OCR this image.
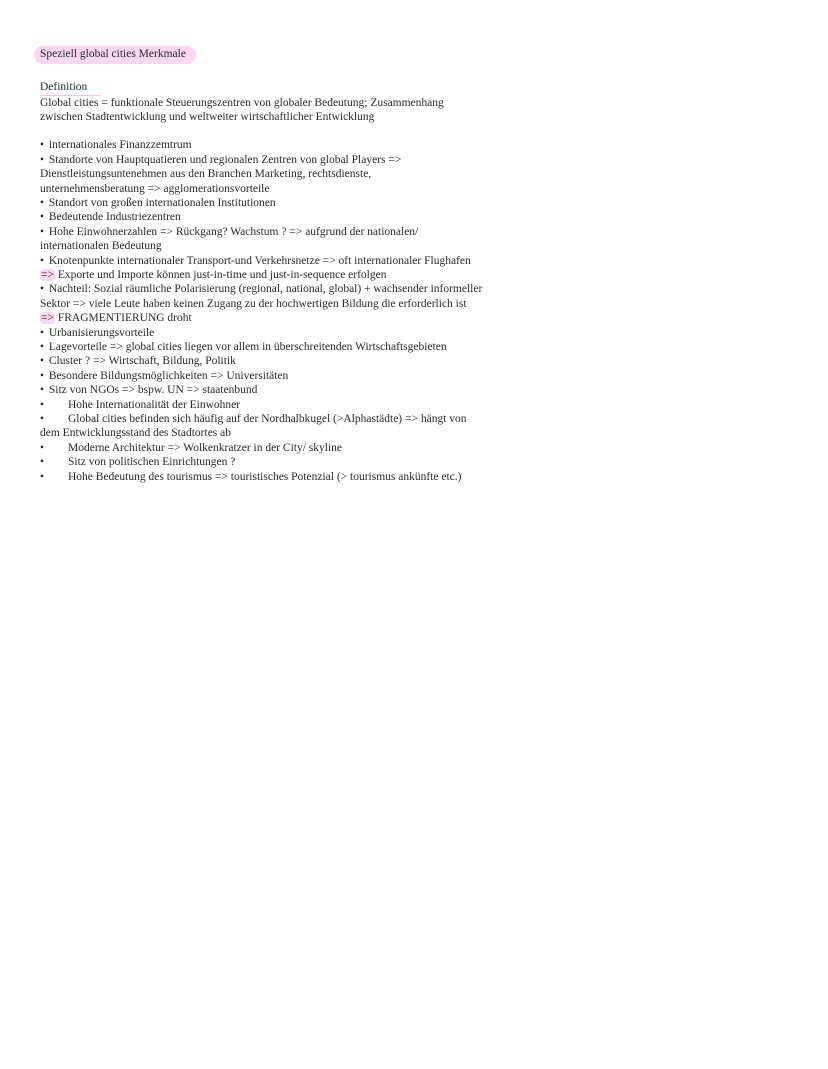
Speziell global cities Merkmale
Definition

Global cities = funktionale Steuerungszentren von globaler Bedeutung; Zusammenhang

zwischen Stadtentwicklung und weltweiter wirtschaftlicher Entwicklung

• internationales Finanzzemtrum
• Standorte von Hauptquatieren und regionalen Zentren von global Players =>
Dienstleistungsuntenehmen aus den Branchen Marketing, rechtsdienste,
unternehmensberatung => agglomerationsvorteile
• Standort von großen internationalen Institutionen
• Bedeutende Industriezentren
• Hohe Einwohnerzahlen => Rückgang? Wachstum ? => aufgrund der nationalen/
internationalen Bedeutung
• Knotenpunkte internationaler Transport-und Verkehrsnetze => oft internationaler Flughafen
=> Exporte und Importe können just-in-time und just-in-sequence erfolgen
• Nachteil: Sozial räumliche Polarisierung (regional, national, global) + wachsender informeller
Sektor => viele Leute haben keinen Zugang zu der hochwertigen Bildung die erforderlich ist
=> FRAGMENTIERUNG droht
• Urbanisierungsvorteile
• Lagevorteile => global cities liegen vor allem in überschreitenden Wirtschaftsgebieten
• Cluster ? => Wirtschaft, Bildung, Politik
• Besondere Bildungsmöglichkeiten => Universitäten
• Sitz von NGOs => bspw. UN => staatenbund
• Hohe Internationalität der Einwohner
• Global cities befinden sich häufig auf der Nordhalbkugel (>Alphastädte) => hängt von
dem Entwicklungsstand des Stadtortes ab
• Moderne Architektur => Wolkenkratzer in der City/ skyline
• Sitz von politischen Einrichtungen ?
• Hohe Bedeutung des tourismus => touristisches Potenzial (> tourismus ankünfte etc.)
